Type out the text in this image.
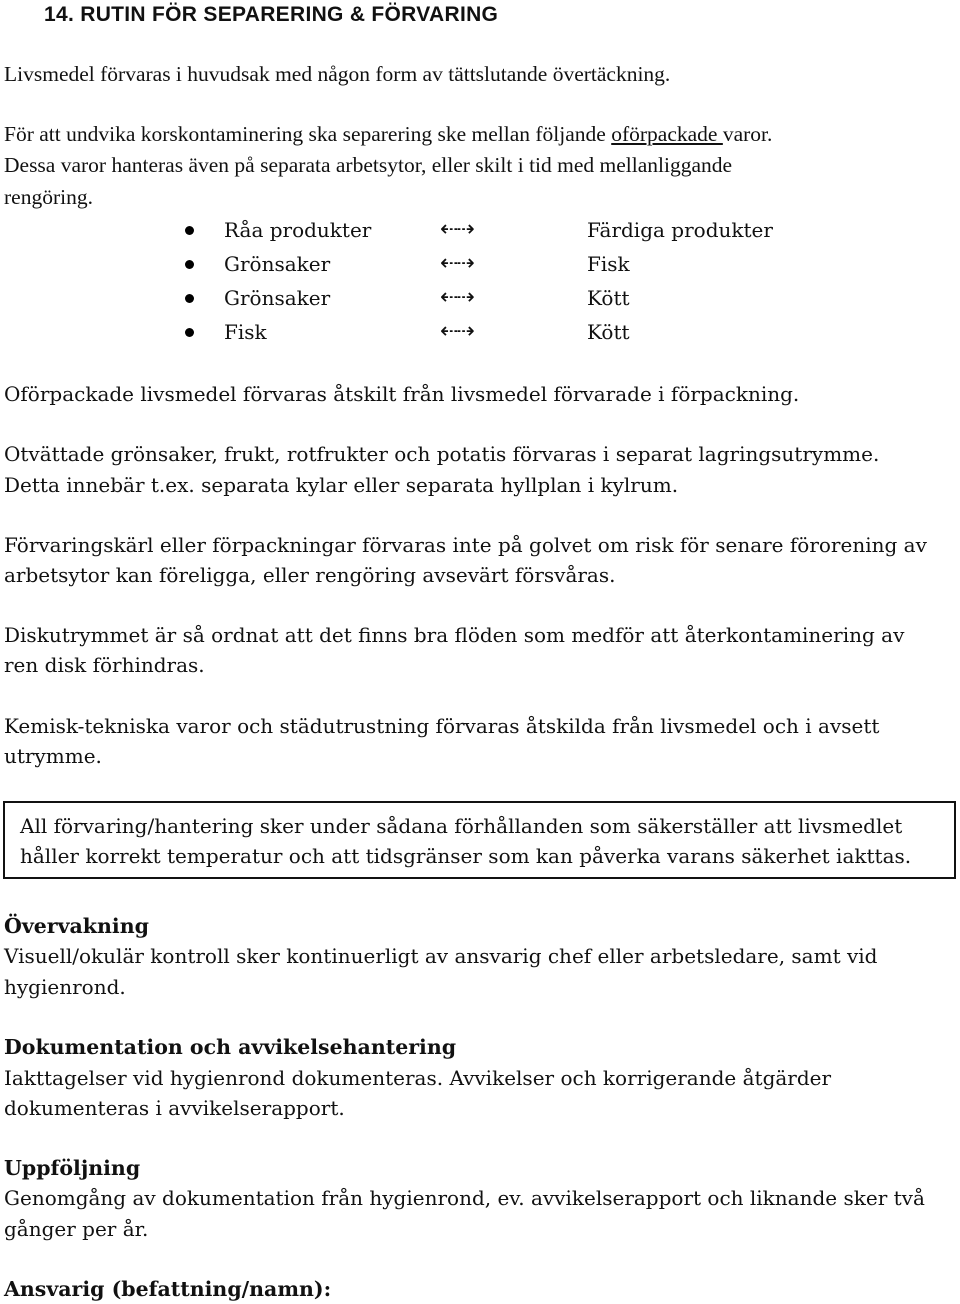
14. RUTIN FÖR SEPARERING & FÖRVARING
Livsmedel förvaras i huvudsak med någon form av tättslutande övertäckning.
För att undvika korskontaminering ska separering ske mellan följande oförpackade varor.
Dessa varor hanteras även på separata arbetsytor, eller skilt i tid med mellanliggande
rengöring.
Råa produkter	⇠⇢	Färdiga produkter
Grönsaker	⇠⇢	Fisk
Grönsaker	⇠⇢	Kött
Fisk	⇠⇢	Kött
Oförpackade livsmedel förvaras åtskilt från livsmedel förvarade i förpackning.
Otvättade grönsaker, frukt, rotfrukter och potatis förvaras i separat lagringsutrymme.
Detta innebär t.ex. separata kylar eller separata hyllplan i kylrum.
Förvaringskärl eller förpackningar förvaras inte på golvet om risk för senare förorening av
arbetsytor kan föreligga, eller rengöring avsevärt försvåras.
Diskutrymmet är så ordnat att det finns bra flöden som medför att återkontaminering av
ren disk förhindras.
Kemisk-tekniska varor och städutrustning förvaras åtskilda från livsmedel och i avsett
utrymme.
All förvaring/hantering sker under sådana förhållanden som säkerställer att livsmedlet
håller korrekt temperatur och att tidsgränser som kan påverka varans säkerhet iakttas.
Övervakning
Visuell/okulär kontroll sker kontinuerligt av ansvarig chef eller arbetsledare, samt vid
hygienrond.
Dokumentation och avvikelsehantering
Iakttagelser vid hygienrond dokumenteras. Avvikelser och korrigerande åtgärder
dokumenteras i avvikelserapport.
Uppföljning
Genomgång av dokumentation från hygienrond, ev. avvikelserapport och liknande sker två
gånger per år.
Ansvarig (befattning/namn):
